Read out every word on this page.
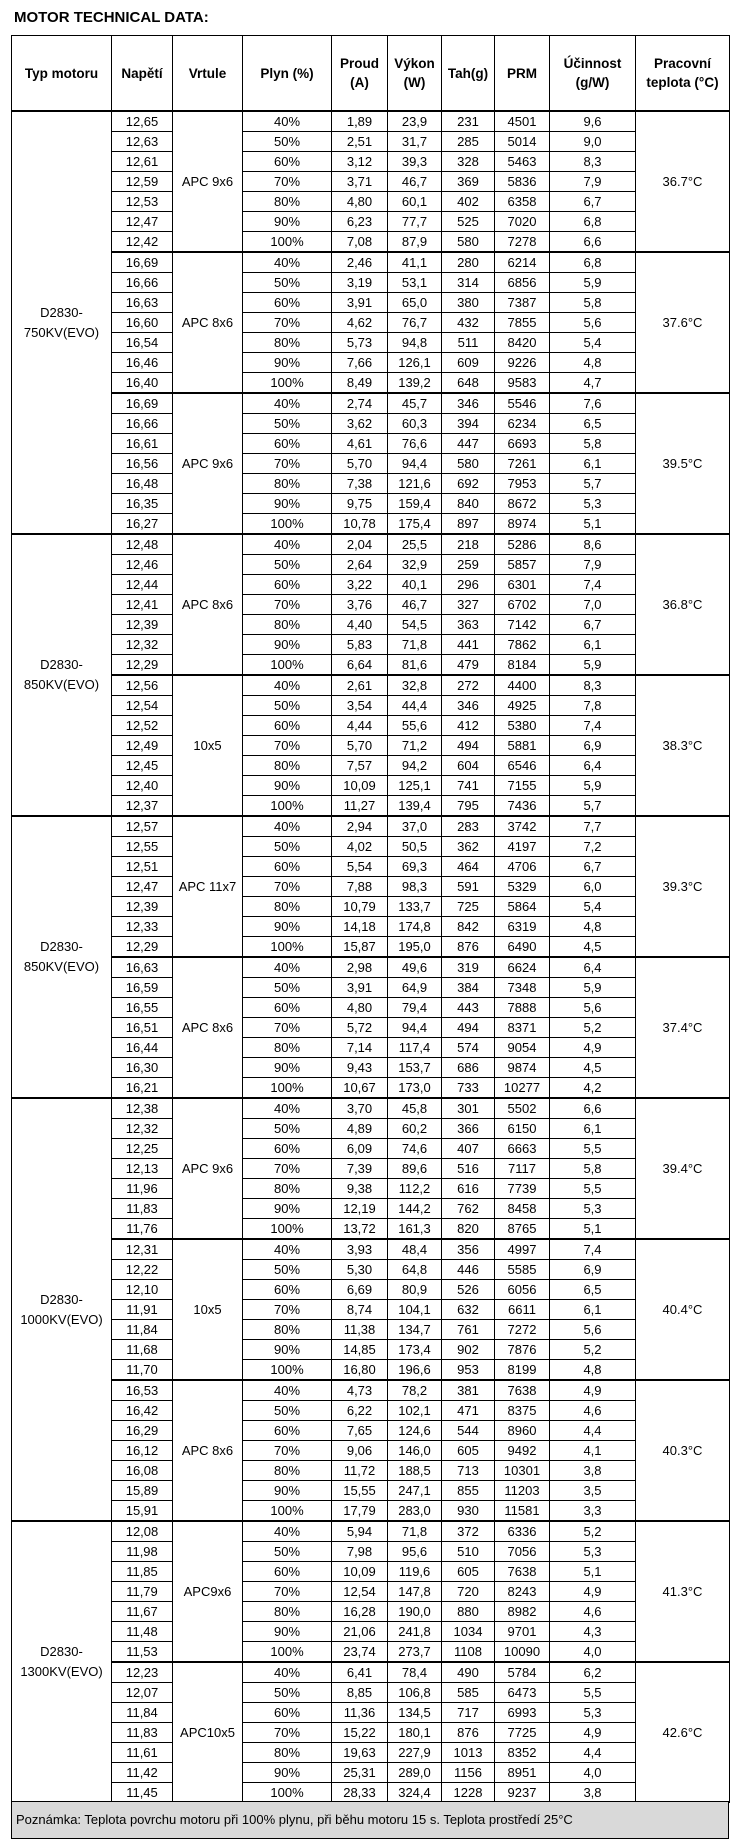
MOTOR TECHNICAL DATA:
Typ motoru	Napětí	Vrtule	Plyn (%)	Proud (A)	Výkon (W)	Tah(g)	PRM	Účinnost (g/W)	Pracovní teplota (°C)
D2830-750KV(EVO)	12,65	APC 9x6	40%	1,89	23,9	231	4501	9,6	36.7°C
	12,63		50%	2,51	31,7	285	5014	9,0	
	12,61		60%	3,12	39,3	328	5463	8,3	
	12,59		70%	3,71	46,7	369	5836	7,9	
	12,53		80%	4,80	60,1	402	6358	6,7	
	12,47		90%	6,23	77,7	525	7020	6,8	
	12,42		100%	7,08	87,9	580	7278	6,6	
	16,69	APC 8x6	40%	2,46	41,1	280	6214	6,8	37.6°C
	16,66		50%	3,19	53,1	314	6856	5,9	
	16,63		60%	3,91	65,0	380	7387	5,8	
	16,60		70%	4,62	76,7	432	7855	5,6	
	16,54		80%	5,73	94,8	511	8420	5,4	
	16,46		90%	7,66	126,1	609	9226	4,8	
	16,40		100%	8,49	139,2	648	9583	4,7	
	16,69	APC 9x6	40%	2,74	45,7	346	5546	7,6	39.5°C
	16,66		50%	3,62	60,3	394	6234	6,5	
	16,61		60%	4,61	76,6	447	6693	5,8	
	16,56		70%	5,70	94,4	580	7261	6,1	
	16,48		80%	7,38	121,6	692	7953	5,7	
	16,35		90%	9,75	159,4	840	8672	5,3	
	16,27		100%	10,78	175,4	897	8974	5,1	
D2830-850KV(EVO)	12,48	APC 8x6	40%	2,04	25,5	218	5286	8,6	36.8°C
	12,46		50%	2,64	32,9	259	5857	7,9	
	12,44		60%	3,22	40,1	296	6301	7,4	
	12,41		70%	3,76	46,7	327	6702	7,0	
	12,39		80%	4,40	54,5	363	7142	6,7	
	12,32		90%	5,83	71,8	441	7862	6,1	
	12,29		100%	6,64	81,6	479	8184	5,9	
	12,56	10x5	40%	2,61	32,8	272	4400	8,3	38.3°C
	12,54		50%	3,54	44,4	346	4925	7,8	
	12,52		60%	4,44	55,6	412	5380	7,4	
	12,49		70%	5,70	71,2	494	5881	6,9	
	12,45		80%	7,57	94,2	604	6546	6,4	
	12,40		90%	10,09	125,1	741	7155	5,9	
	12,37		100%	11,27	139,4	795	7436	5,7	
D2830-850KV(EVO)	12,57	APC 11x7	40%	2,94	37,0	283	3742	7,7	39.3°C
	12,55		50%	4,02	50,5	362	4197	7,2	
	12,51		60%	5,54	69,3	464	4706	6,7	
	12,47		70%	7,88	98,3	591	5329	6,0	
	12,39		80%	10,79	133,7	725	5864	5,4	
	12,33		90%	14,18	174,8	842	6319	4,8	
	12,29		100%	15,87	195,0	876	6490	4,5	
	16,63	APC 8x6	40%	2,98	49,6	319	6624	6,4	37.4°C
	16,59		50%	3,91	64,9	384	7348	5,9	
	16,55		60%	4,80	79,4	443	7888	5,6	
	16,51		70%	5,72	94,4	494	8371	5,2	
	16,44		80%	7,14	117,4	574	9054	4,9	
	16,30		90%	9,43	153,7	686	9874	4,5	
	16,21		100%	10,67	173,0	733	10277	4,2	
D2830-1000KV(EVO)	12,38	APC 9x6	40%	3,70	45,8	301	5502	6,6	39.4°C
	12,32		50%	4,89	60,2	366	6150	6,1	
	12,25		60%	6,09	74,6	407	6663	5,5	
	12,13		70%	7,39	89,6	516	7117	5,8	
	11,96		80%	9,38	112,2	616	7739	5,5	
	11,83		90%	12,19	144,2	762	8458	5,3	
	11,76		100%	13,72	161,3	820	8765	5,1	
	12,31	10x5	40%	3,93	48,4	356	4997	7,4	40.4°C
	12,22		50%	5,30	64,8	446	5585	6,9	
	12,10		60%	6,69	80,9	526	6056	6,5	
	11,91		70%	8,74	104,1	632	6611	6,1	
	11,84		80%	11,38	134,7	761	7272	5,6	
	11,68		90%	14,85	173,4	902	7876	5,2	
	11,70		100%	16,80	196,6	953	8199	4,8	
	16,53	APC 8x6	40%	4,73	78,2	381	7638	4,9	40.3°C
	16,42		50%	6,22	102,1	471	8375	4,6	
	16,29		60%	7,65	124,6	544	8960	4,4	
	16,12		70%	9,06	146,0	605	9492	4,1	
	16,08		80%	11,72	188,5	713	10301	3,8	
	15,89		90%	15,55	247,1	855	11203	3,5	
	15,91		100%	17,79	283,0	930	11581	3,3	
D2830-1300KV(EVO)	12,08	APC9x6	40%	5,94	71,8	372	6336	5,2	41.3°C
	11,98		50%	7,98	95,6	510	7056	5,3	
	11,85		60%	10,09	119,6	605	7638	5,1	
	11,79		70%	12,54	147,8	720	8243	4,9	
	11,67		80%	16,28	190,0	880	8982	4,6	
	11,48		90%	21,06	241,8	1034	9701	4,3	
	11,53		100%	23,74	273,7	1108	10090	4,0	
	12,23	APC10x5	40%	6,41	78,4	490	5784	6,2	42.6°C
	12,07		50%	8,85	106,8	585	6473	5,5	
	11,84		60%	11,36	134,5	717	6993	5,3	
	11,83		70%	15,22	180,1	876	7725	4,9	
	11,61		80%	19,63	227,9	1013	8352	4,4	
	11,42		90%	25,31	289,0	1156	8951	4,0	
	11,45		100%	28,33	324,4	1228	9237	3,8	
Poznámka: Teplota povrchu motoru při 100% plynu, při běhu motoru 15 s. Teplota prostředí 25°C
